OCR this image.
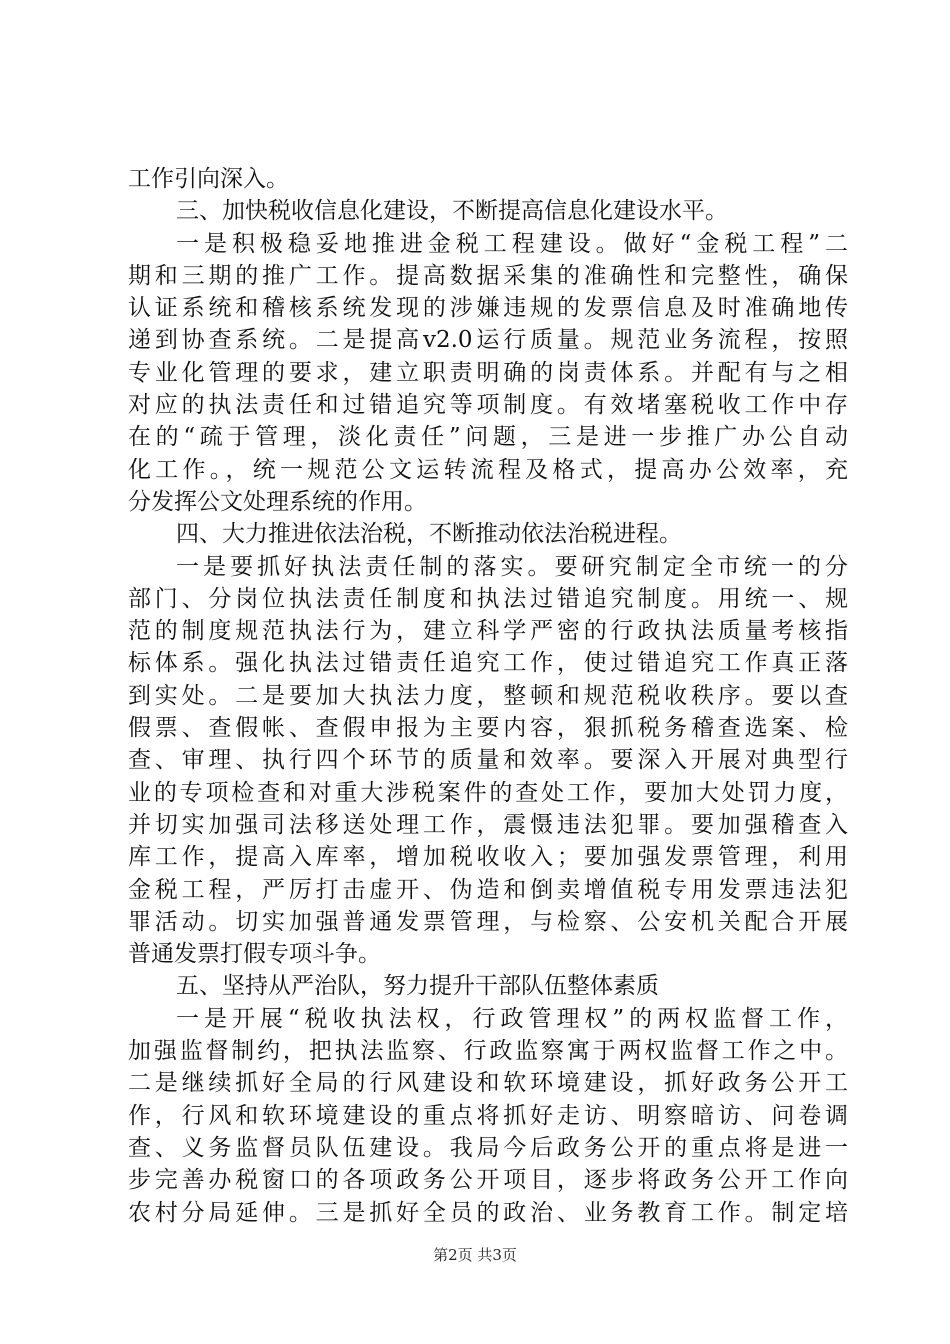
工作引向深入。
三、加快税收信息化建设，不断提高信息化建设水平。
一是积极稳妥地推进金税工程建设。做好“金税工程”二
期和三期的推广工作。提高数据采集的准确性和完整性，确保
认证系统和稽核系统发现的涉嫌违规的发票信息及时准确地传
递到协查系统。二是提高v2.0运行质量。规范业务流程，按照
专业化管理的要求，建立职责明确的岗责体系。并配有与之相
对应的执法责任和过错追究等项制度。有效堵塞税收工作中存
在的“疏于管理，淡化责任”问题，三是进一步推广办公自动
化工作。，统一规范公文运转流程及格式，提高办公效率，充
分发挥公文处理系统的作用。
四、大力推进依法治税，不断推动依法治税进程。
一是要抓好执法责任制的落实。要研究制定全市统一的分
部门、分岗位执法责任制度和执法过错追究制度。用统一、规
范的制度规范执法行为，建立科学严密的行政执法质量考核指
标体系。强化执法过错责任追究工作，使过错追究工作真正落
到实处。二是要加大执法力度，整顿和规范税收秩序。要以查
假票、查假帐、查假申报为主要内容，狠抓税务稽查选案、检
查、审理、执行四个环节的质量和效率。要深入开展对典型行
业的专项检查和对重大涉税案件的查处工作，要加大处罚力度，
并切实加强司法移送处理工作，震慑违法犯罪。要加强稽查入
库工作，提高入库率，增加税收收入；要加强发票管理，利用
金税工程，严厉打击虚开、伪造和倒卖增值税专用发票违法犯
罪活动。切实加强普通发票管理，与检察、公安机关配合开展
普通发票打假专项斗争。
五、坚持从严治队，努力提升干部队伍整体素质
一是开展“税收执法权，行政管理权”的两权监督工作，
加强监督制约，把执法监察、行政监察寓于两权监督工作之中。
二是继续抓好全局的行风建设和软环境建设，抓好政务公开工
作，行风和软环境建设的重点将抓好走访、明察暗访、问卷调
查、义务监督员队伍建设。我局今后政务公开的重点将是进一
步完善办税窗口的各项政务公开项目，逐步将政务公开工作向
农村分局延伸。三是抓好全员的政治、业务教育工作。制定培
第2页 共3页
